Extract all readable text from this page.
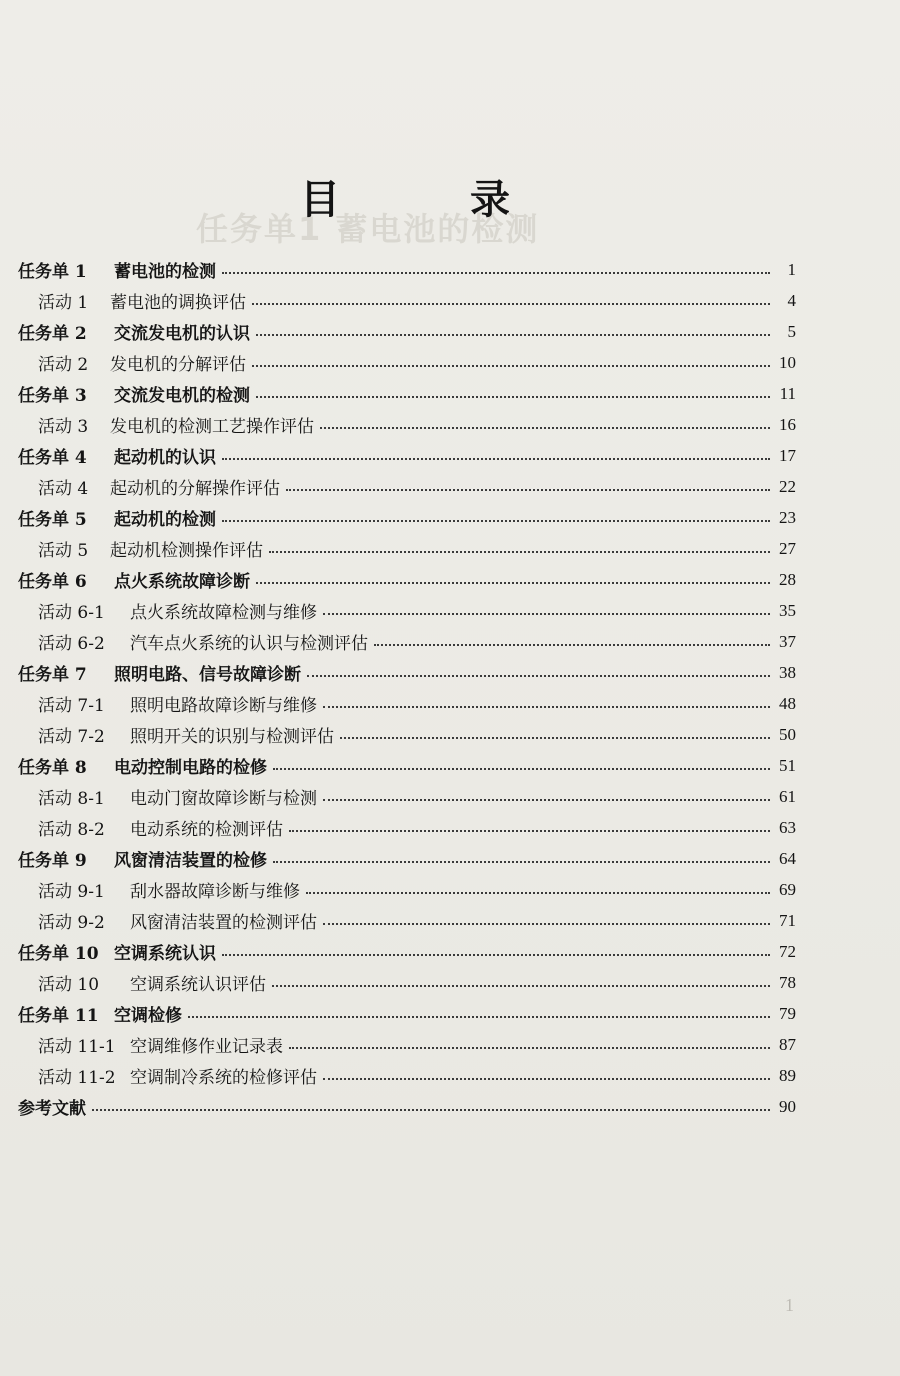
任务单1 蓄电池的检测
1
目 录
任务单 1 蓄电池的检测	1
活动 1 蓄电池的调换评估	4
任务单 2 交流发电机的认识	5
活动 2 发电机的分解评估	10
任务单 3 交流发电机的检测	11
活动 3 发电机的检测工艺操作评估	16
任务单 4 起动机的认识	17
活动 4 起动机的分解操作评估	22
任务单 5 起动机的检测	23
活动 5 起动机检测操作评估	27
任务单 6 点火系统故障诊断	28
活动 6-1 点火系统故障检测与维修	35
活动 6-2 汽车点火系统的认识与检测评估	37
任务单 7 照明电路、信号故障诊断	38
活动 7-1 照明电路故障诊断与维修	48
活动 7-2 照明开关的识别与检测评估	50
任务单 8 电动控制电路的检修	51
活动 8-1 电动门窗故障诊断与检测	61
活动 8-2 电动系统的检测评估	63
任务单 9 风窗清洁装置的检修	64
活动 9-1 刮水器故障诊断与维修	69
活动 9-2 风窗清洁装置的检测评估	71
任务单 10 空调系统认识	72
活动 10 空调系统认识评估	78
任务单 11 空调检修	79
活动 11-1 空调维修作业记录表	87
活动 11-2 空调制冷系统的检修评估	89
参考文献	90
